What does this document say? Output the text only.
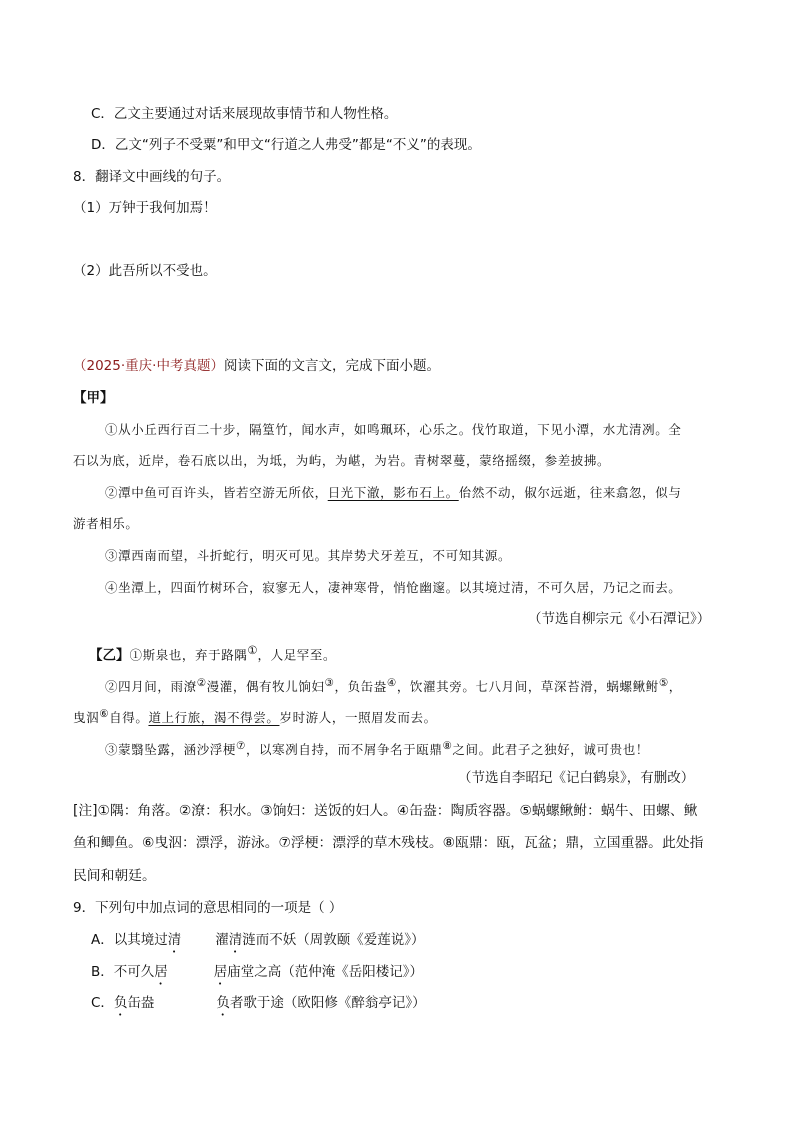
C．乙文主要通过对话来展现故事情节和人物性格。
D．乙文“列子不受粟”和甲文“行道之人弗受”都是“不义”的表现。
8．翻译文中画线的句子。
（1）万钟于我何加焉！
（2）此吾所以不受也。
（2025·重庆·中考真题）阅读下面的文言文，完成下面小题。
【甲】
①从小丘西行百二十步，隔篁竹，闻水声，如鸣珮环，心乐之。伐竹取道，下见小潭，水尤清冽。全
石以为底，近岸，卷石底以出，为坻，为屿，为嵁，为岩。青树翠蔓，蒙络摇缀，参差披拂。
②潭中鱼可百许头，皆若空游无所依，日光下澈，影布石上。佁然不动，俶尔远逝，往来翕忽，似与
游者相乐。
③潭西南而望，斗折蛇行，明灭可见。其岸势犬牙差互，不可知其源。
④坐潭上，四面竹树环合，寂寥无人，凄神寒骨，悄怆幽邃。以其境过清，不可久居，乃记之而去。
（节选自柳宗元《小石潭记》）
【乙】①斯泉也，弃于路隅①，人足罕至。
②四月间，雨潦②漫灌，偶有牧儿饷妇③，负缶盎④，饮濯其旁。七八月间，草深苔滑，蜗螺鳅鲋⑤，
曳泅⑥自得。道上行旅，渴不得尝。岁时游人，一照眉发而去。
③蒙翳坠露，涵沙浮梗⑦，以寒冽自持，而不屑争名于瓯鼎⑧之间。此君子之独好，诚可贵也！
（节选自李昭玘《记白鹤泉》，有删改）
[注]①隅：角落。②潦：积水。③饷妇：送饭的妇人。④缶盎：陶质容器。⑤蜗螺鳅鲋：蜗牛、田螺、鳅
鱼和鲫鱼。⑥曳泅：漂浮，游泳。⑦浮梗：漂浮的草木残枝。⑧瓯鼎：瓯，瓦盆；鼎，立国重器。此处指
民间和朝廷。
9．下列句中加点词的意思相同的一项是（ ）
A．以其境过清	濯清涟而不妖（周敦颐《爱莲说》）
B．不可久居	居庙堂之高（范仲淹《岳阳楼记》）
C．负缶盎	负者歌于途（欧阳修《醉翁亭记》）
